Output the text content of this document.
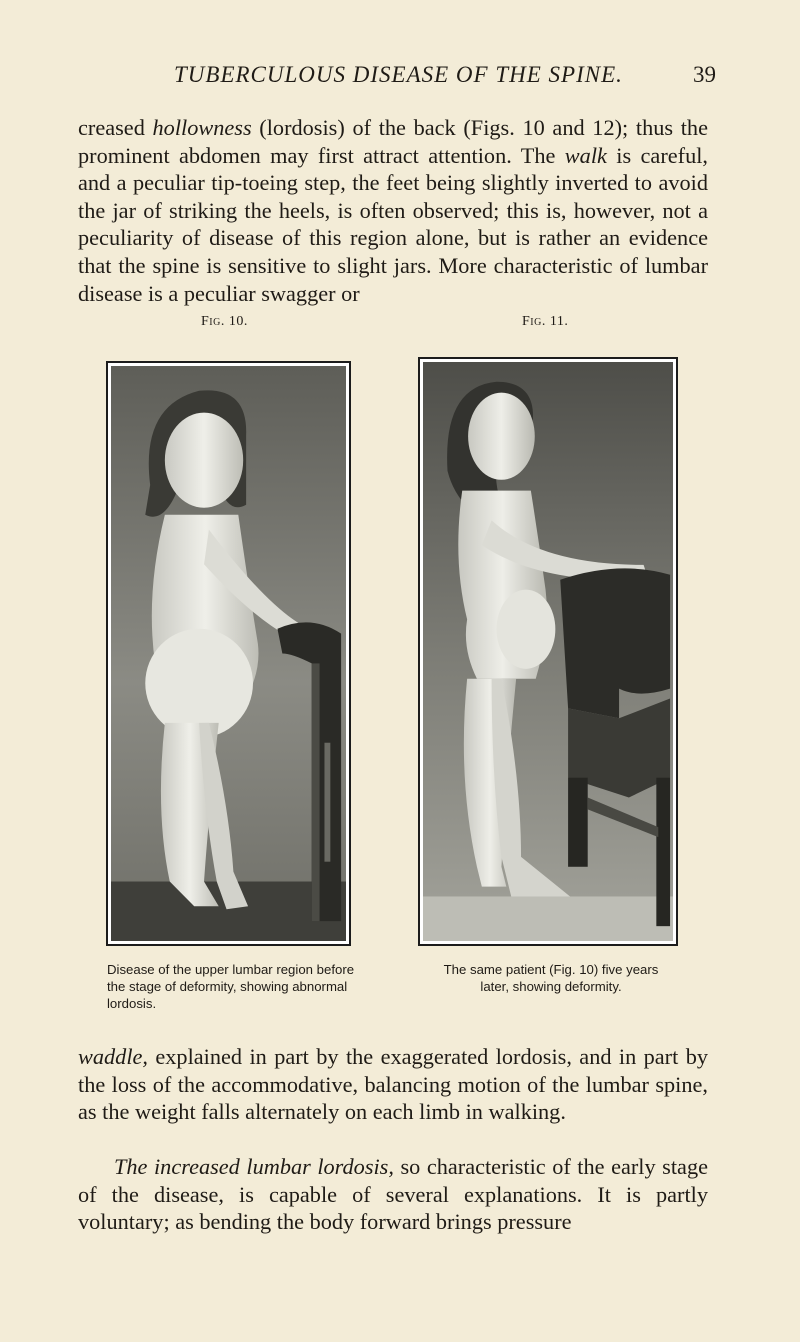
TUBERCULOUS DISEASE OF THE SPINE.	39

creased hollowness (lordosis) of the back (Figs. 10 and 12); thus the prominent abdomen may first attract attention. The walk is careful, and a peculiar tip-toeing step, the feet being slightly inverted to avoid the jar of striking the heels, is often observed; this is, however, not a peculiarity of disease of this region alone, but is rather an evidence that the spine is sensitive to slight jars. More characteristic of lumbar disease is a peculiar swagger or

Fig. 10.	Fig. 11.

Disease of the upper lumbar region before the stage of deformity, showing abnormal lordosis.

The same patient (Fig. 10) five years later, showing deformity.

waddle, explained in part by the exaggerated lordosis, and in part by the loss of the accommodative, balancing motion of the lumbar spine, as the weight falls alternately on each limb in walking.

The increased lumbar lordosis, so characteristic of the early stage of the disease, is capable of several explanations. It is partly voluntary; as bending the body forward brings pressure
